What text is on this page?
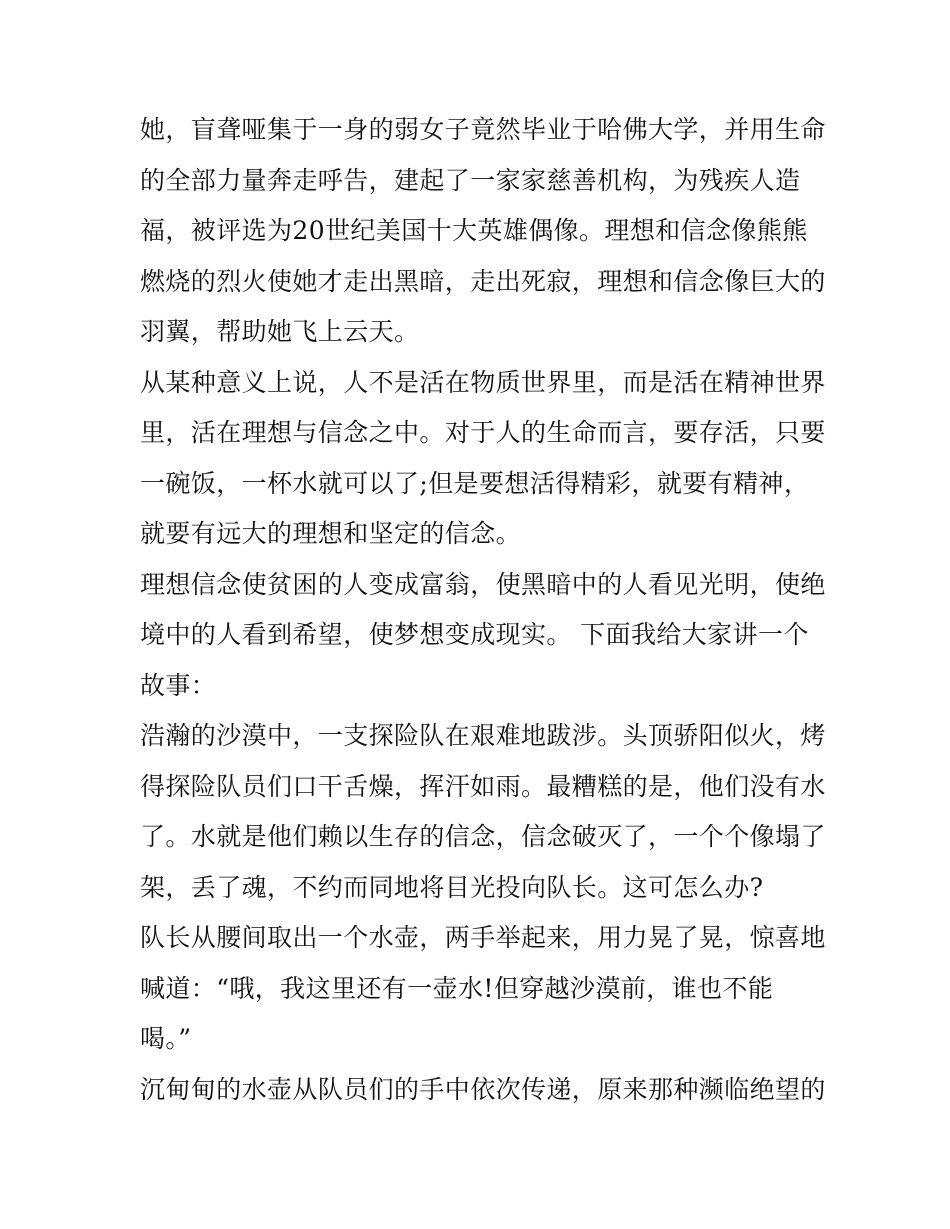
她，盲聋哑集于一身的弱女子竟然毕业于哈佛大学，并用生命
的全部力量奔走呼告，建起了一家家慈善机构，为残疾人造
福，被评选为20世纪美国十大英雄偶像。理想和信念像熊熊
燃烧的烈火使她才走出黑暗，走出死寂，理想和信念像巨大的
羽翼，帮助她飞上云天。
从某种意义上说，人不是活在物质世界里，而是活在精神世界
里，活在理想与信念之中。对于人的生命而言，要存活，只要
一碗饭，一杯水就可以了;但是要想活得精彩，就要有精神，
就要有远大的理想和坚定的信念。
理想信念使贫困的人变成富翁，使黑暗中的人看见光明，使绝
境中的人看到希望，使梦想变成现实。 下面我给大家讲一个
故事：
浩瀚的沙漠中，一支探险队在艰难地跋涉。头顶骄阳似火，烤
得探险队员们口干舌燥，挥汗如雨。最糟糕的是，他们没有水
了。水就是他们赖以生存的信念，信念破灭了，一个个像塌了
架，丢了魂，不约而同地将目光投向队长。这可怎么办?
队长从腰间取出一个水壶，两手举起来，用力晃了晃，惊喜地
喊道：“哦，我这里还有一壶水!但穿越沙漠前，谁也不能
喝。”
沉甸甸的水壶从队员们的手中依次传递，原来那种濒临绝望的
